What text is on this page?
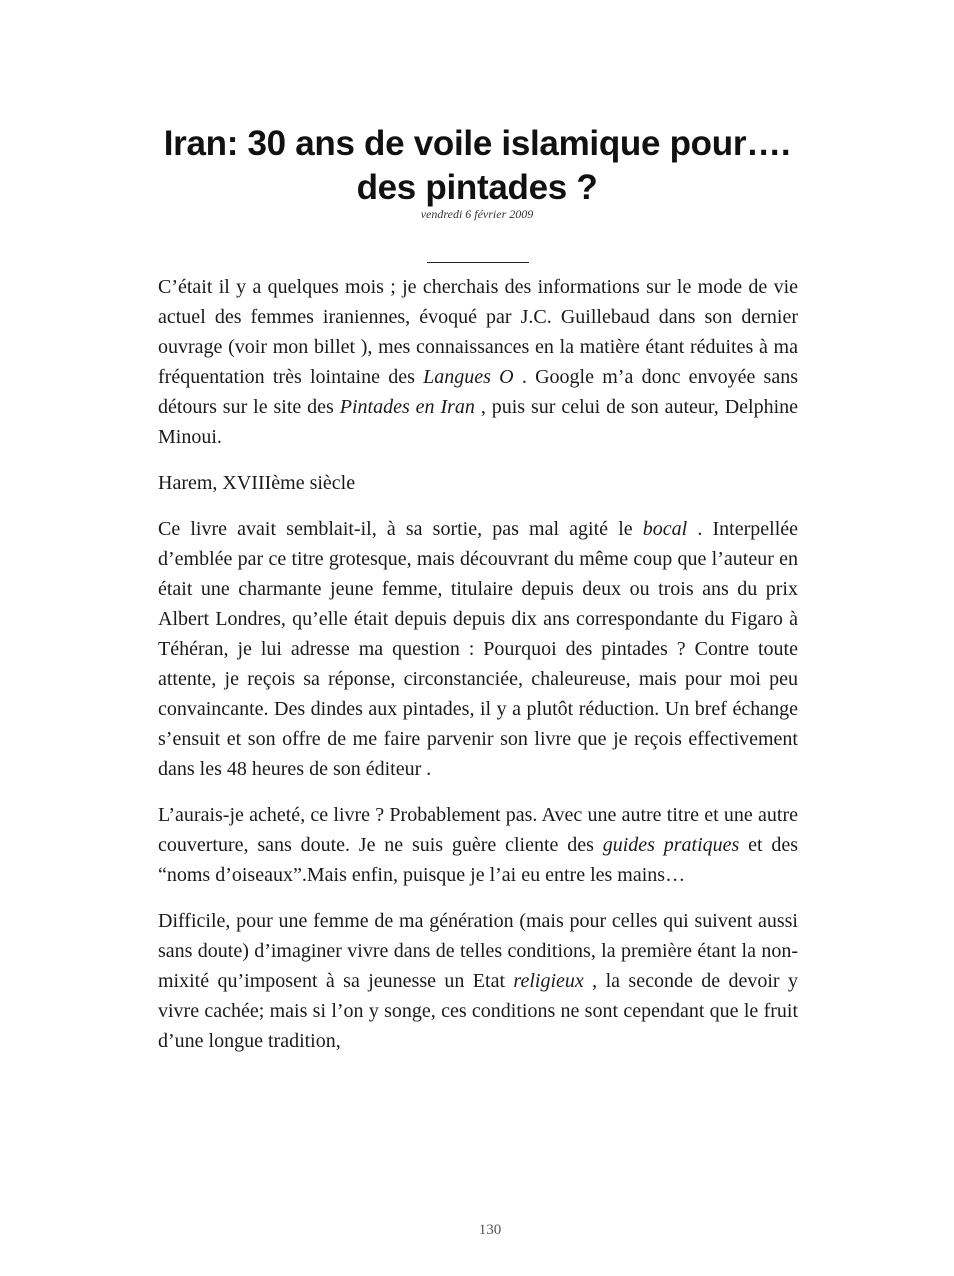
Iran: 30 ans de voile islamique pour….
des pintades ?
vendredi 6 février 2009

C’était il y a quelques mois ; je cherchais des informations sur le mode de vie actuel des femmes iraniennes, évoqué par J.C. Guillebaud dans son dernier ouvrage (voir mon billet ), mes connaissances en la matière étant réduites à ma fréquentation très lointaine des Langues O . Google m’a donc envoyée sans détours sur le site des Pintades en Iran , puis sur celui de son auteur, Delphine Minoui.

Harem, XVIIIème siècle

Ce livre avait semblait-il, à sa sortie, pas mal agité le bocal . Interpellée d’emblée par ce titre grotesque, mais découvrant du même coup que l’auteur en était une charmante jeune femme, titulaire depuis deux ou trois ans du prix Albert Londres, qu’elle était depuis depuis dix ans correspondante du Figaro à Téhéran, je lui adresse ma question : Pourquoi des pintades ? Contre toute attente, je reçois sa réponse, circonstanciée, chaleureuse, mais pour moi peu convaincante. Des dindes aux pintades, il y a plutôt réduction. Un bref échange s’ensuit et son offre de me faire parvenir son livre que je reçois effectivement dans les 48 heures de son éditeur .

L’aurais-je acheté, ce livre ? Probablement pas. Avec une autre titre et une autre couverture, sans doute. Je ne suis guère cliente des guides pratiques et des “noms d’oiseaux”.Mais enfin, puisque je l’ai eu entre les mains…

Difficile, pour une femme de ma génération (mais pour celles qui suivent aussi sans doute) d’imaginer vivre dans de telles conditions, la première étant la non-mixité qu’imposent à sa jeunesse un Etat religieux , la seconde de devoir y vivre cachée; mais si l’on y songe, ces conditions ne sont cependant que le fruit d’une longue tradition,

130
